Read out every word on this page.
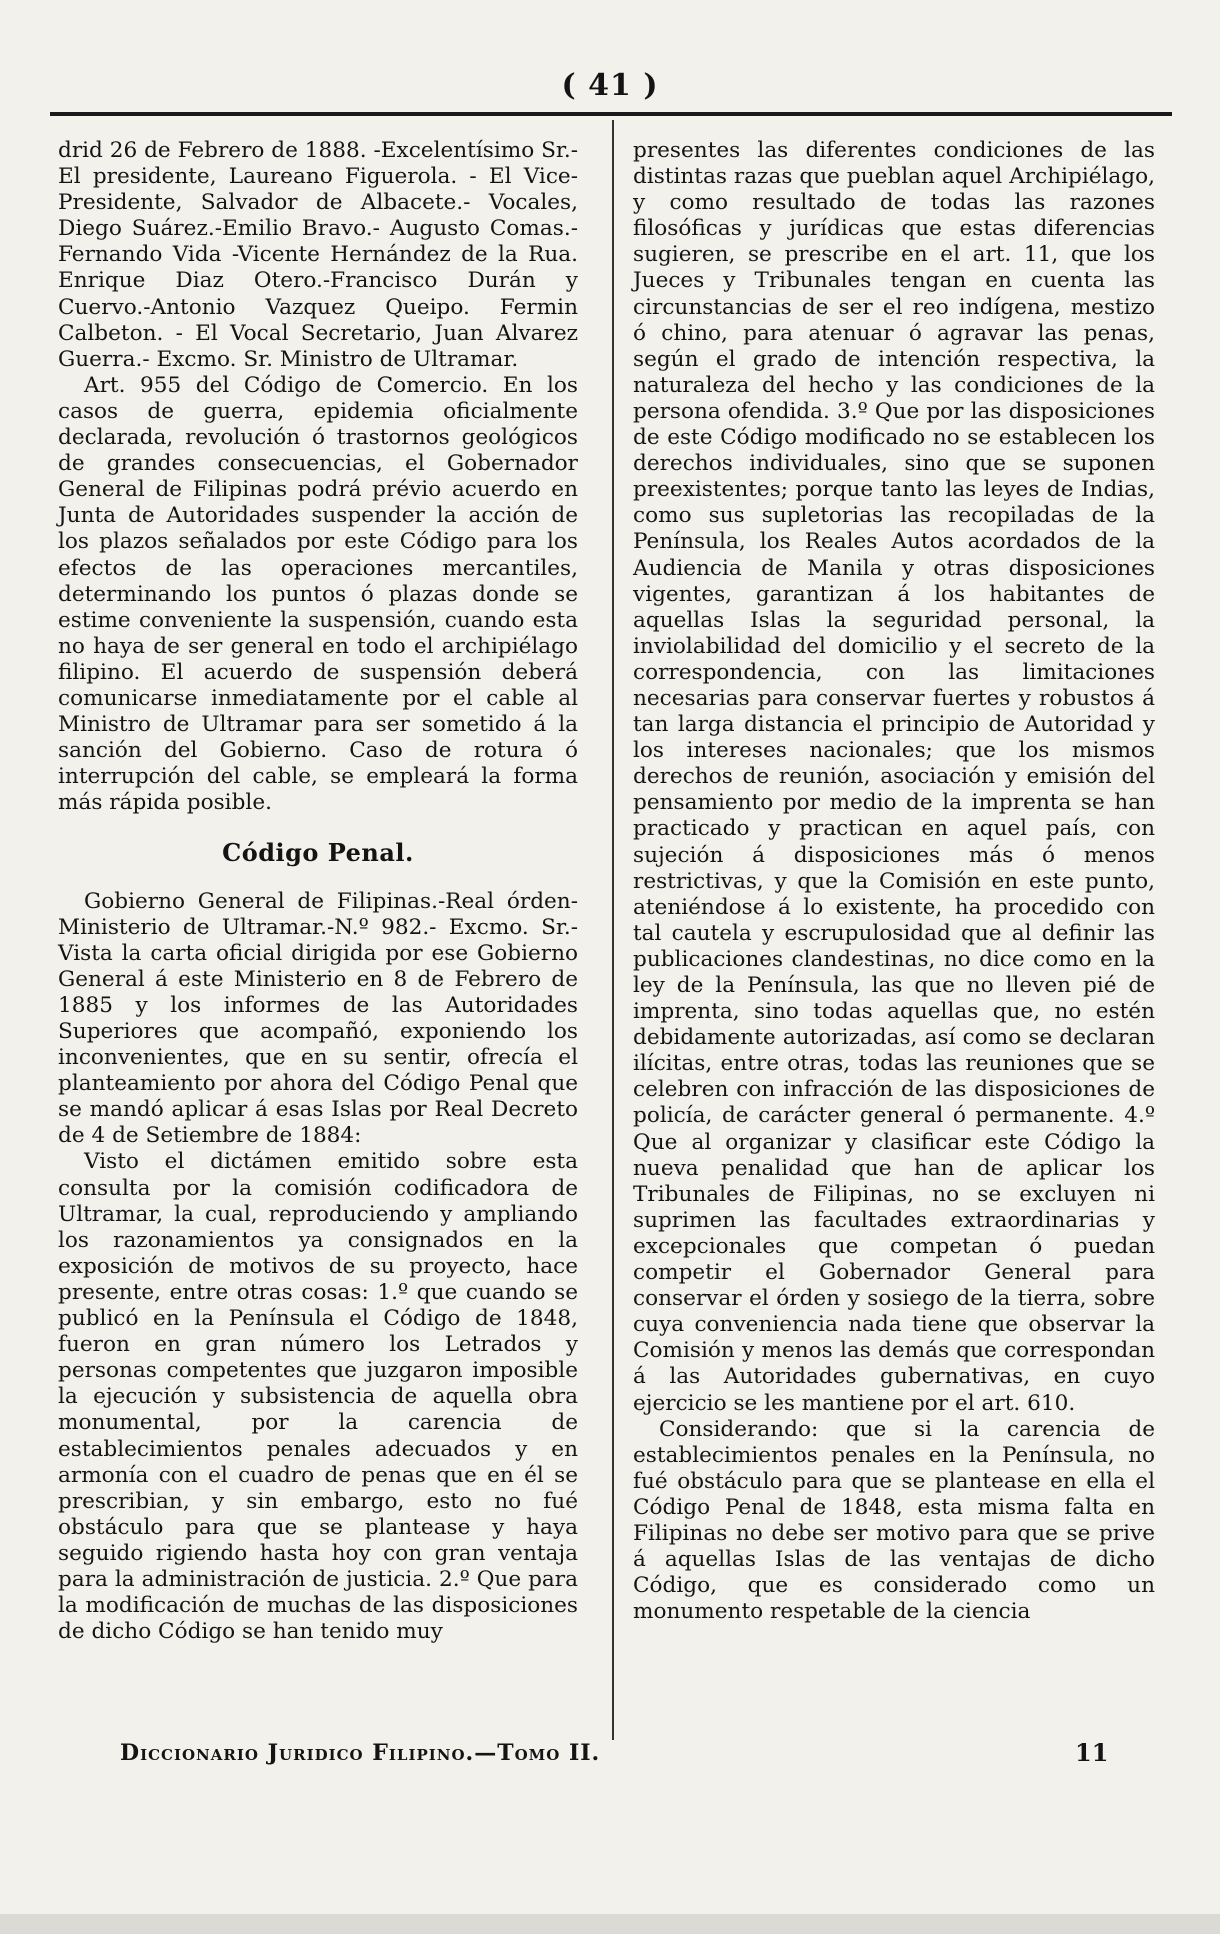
( 41 )

drid 26 de Febrero de 1888. -Excelentísimo Sr.-El presidente, Laureano Figuerola. - El Vice-Presidente, Salvador de Albacete.- Vocales, Diego Suárez.-Emilio Bravo.- Augusto Comas.-Fernando Vida -Vicente Hernández de la Rua. Enrique Diaz Otero.-Francisco Durán y Cuervo.-Antonio Vazquez Queipo. Fermin Calbeton. - El Vocal Secretario, Juan Alvarez Guerra.- Excmo. Sr. Ministro de Ultramar.

Art. 955 del Código de Comercio. En los casos de guerra, epidemia oficialmente declarada, revolución ó trastornos geológicos de grandes consecuencias, el Gobernador General de Filipinas podrá prévio acuerdo en Junta de Autoridades suspender la acción de los plazos señalados por este Código para los efectos de las operaciones mercantiles, determinando los puntos ó plazas donde se estime conveniente la suspensión, cuando esta no haya de ser general en todo el archipiélago filipino. El acuerdo de suspensión deberá comunicarse inmediatamente por el cable al Ministro de Ultramar para ser sometido á la sanción del Gobierno. Caso de rotura ó interrupción del cable, se empleará la forma más rápida posible.

Código Penal.

Gobierno General de Filipinas.-Real órden-Ministerio de Ultramar.-N.º 982.- Excmo. Sr.-Vista la carta oficial dirigida por ese Gobierno General á este Ministerio en 8 de Febrero de 1885 y los informes de las Autoridades Superiores que acompañó, exponiendo los inconvenientes, que en su sentir, ofrecía el planteamiento por ahora del Código Penal que se mandó aplicar á esas Islas por Real Decreto de 4 de Setiembre de 1884:

Visto el dictámen emitido sobre esta consulta por la comisión codificadora de Ultramar, la cual, reproduciendo y ampliando los razonamientos ya consignados en la exposición de motivos de su proyecto, hace presente, entre otras cosas: 1.º que cuando se publicó en la Península el Código de 1848, fueron en gran número los Letrados y personas competentes que juzgaron imposible la ejecución y subsistencia de aquella obra monumental, por la carencia de establecimientos penales adecuados y en armonía con el cuadro de penas que en él se prescribian, y sin embargo, esto no fué obstáculo para que se plantease y haya seguido rigiendo hasta hoy con gran ventaja para la administración de justicia. 2.º Que para la modificación de muchas de las disposiciones de dicho Código se han tenido muy

presentes las diferentes condiciones de las distintas razas que pueblan aquel Archipiélago, y como resultado de todas las razones filosóficas y jurídicas que estas diferencias sugieren, se prescribe en el art. 11, que los Jueces y Tribunales tengan en cuenta las circunstancias de ser el reo indígena, mestizo ó chino, para atenuar ó agravar las penas, según el grado de intención respectiva, la naturaleza del hecho y las condiciones de la persona ofendida. 3.º Que por las disposiciones de este Código modificado no se establecen los derechos individuales, sino que se suponen preexistentes; porque tanto las leyes de Indias, como sus supletorias las recopiladas de la Península, los Reales Autos acordados de la Audiencia de Manila y otras disposiciones vigentes, garantizan á los habitantes de aquellas Islas la seguridad personal, la inviolabilidad del domicilio y el secreto de la correspondencia, con las limitaciones necesarias para conservar fuertes y robustos á tan larga distancia el principio de Autoridad y los intereses nacionales; que los mismos derechos de reunión, asociación y emisión del pensamiento por medio de la imprenta se han practicado y practican en aquel país, con sujeción á disposiciones más ó menos restrictivas, y que la Comisión en este punto, ateniéndose á lo existente, ha procedido con tal cautela y escrupulosidad que al definir las publicaciones clandestinas, no dice como en la ley de la Península, las que no lleven pié de imprenta, sino todas aquellas que, no estén debidamente autorizadas, así como se declaran ilícitas, entre otras, todas las reuniones que se celebren con infracción de las disposiciones de policía, de carácter general ó permanente. 4.º Que al organizar y clasificar este Código la nueva penalidad que han de aplicar los Tribunales de Filipinas, no se excluyen ni suprimen las facultades extraordinarias y excepcionales que competan ó puedan competir el Gobernador General para conservar el órden y sosiego de la tierra, sobre cuya conveniencia nada tiene que observar la Comisión y menos las demás que correspondan á las Autoridades gubernativas, en cuyo ejercicio se les mantiene por el art. 610.

Considerando: que si la carencia de establecimientos penales en la Península, no fué obstáculo para que se plantease en ella el Código Penal de 1848, esta misma falta en Filipinas no debe ser motivo para que se prive á aquellas Islas de las ventajas de dicho Código, que es considerado como un monumento respetable de la ciencia

Diccionario Juridico Filipino.—Tomo II.	11
